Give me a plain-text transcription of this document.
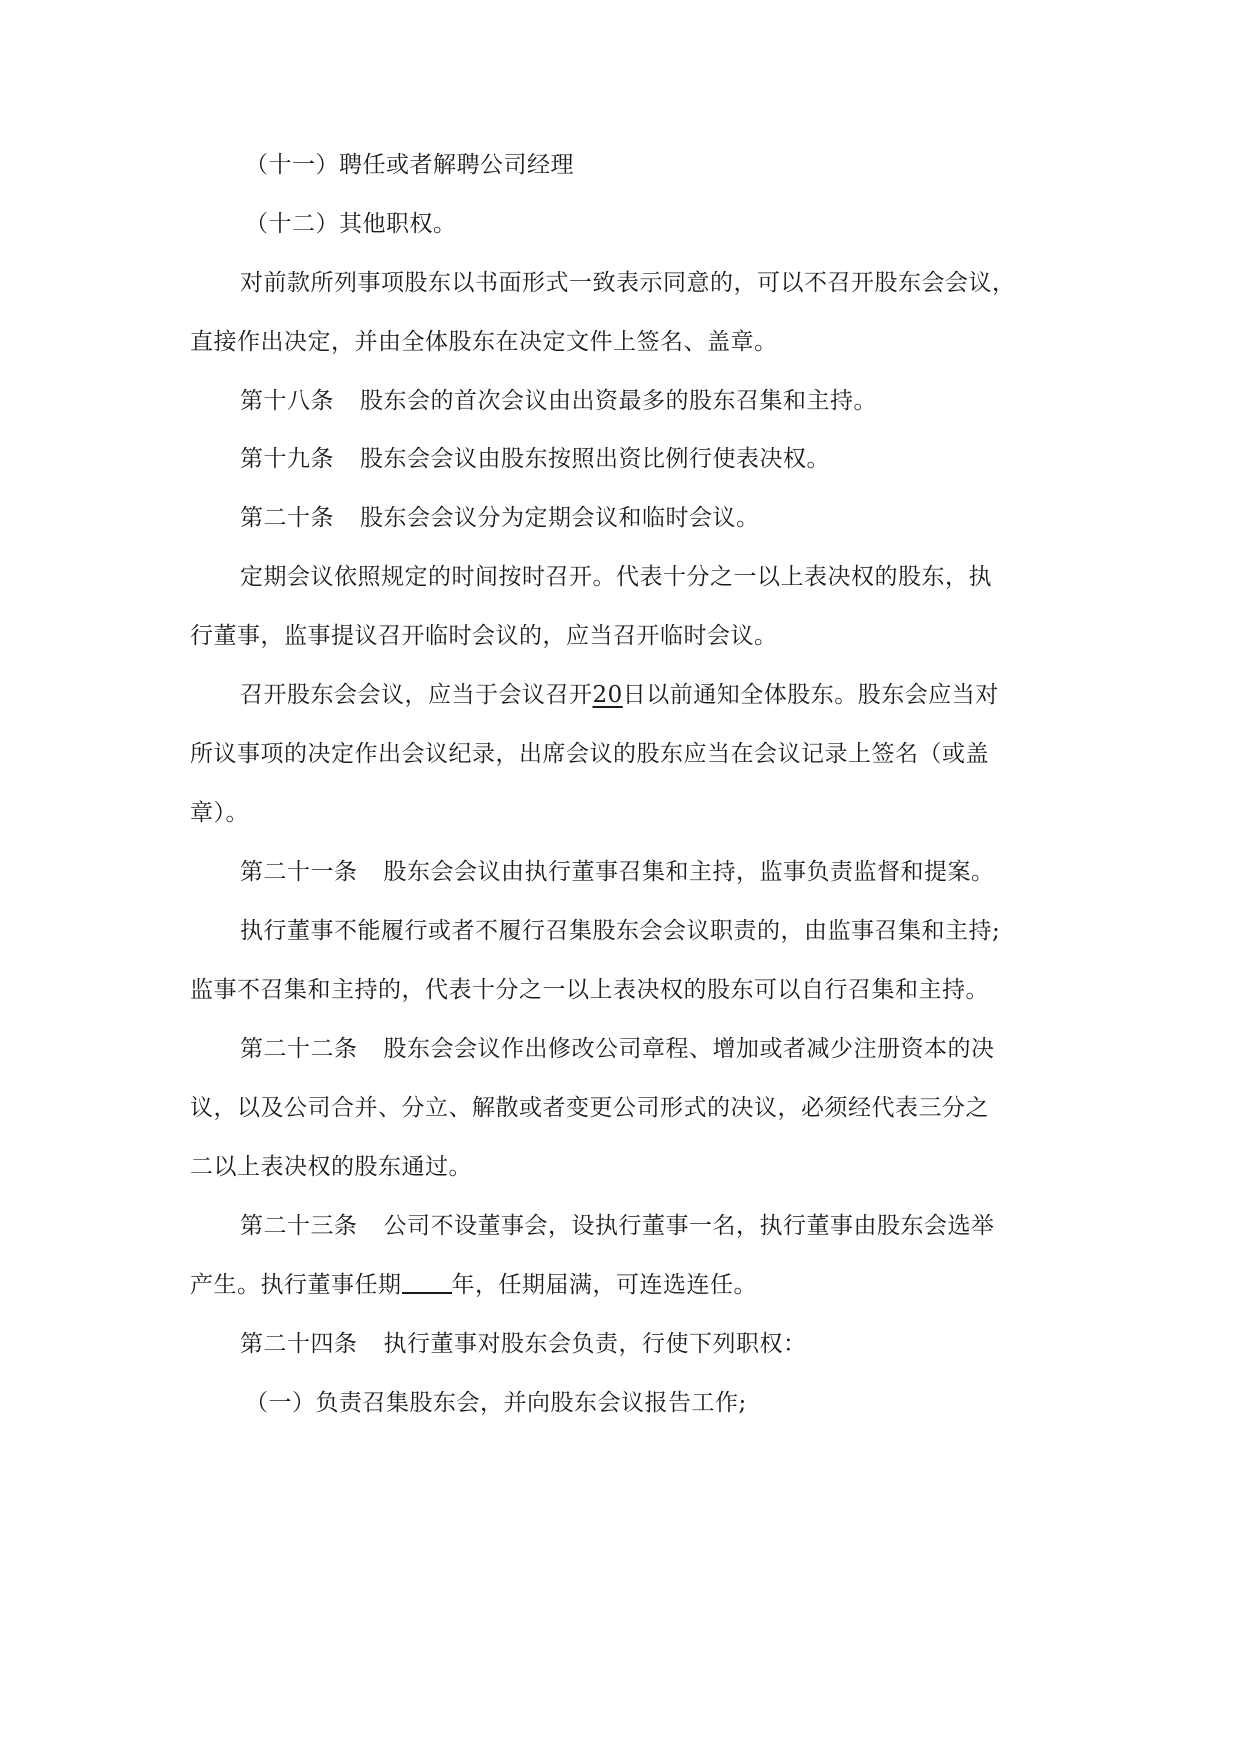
（十一）聘任或者解聘公司经理
（十二）其他职权。
对前款所列事项股东以书面形式一致表示同意的，可以不召开股东会会议，
直接作出决定，并由全体股东在决定文件上签名、盖章。
第十八条 股东会的首次会议由出资最多的股东召集和主持。
第十九条 股东会会议由股东按照出资比例行使表决权。
第二十条 股东会会议分为定期会议和临时会议。
定期会议依照规定的时间按时召开。代表十分之一以上表决权的股东，执
行董事，监事提议召开临时会议的，应当召开临时会议。
召开股东会会议，应当于会议召开20日以前通知全体股东。股东会应当对
所议事项的决定作出会议纪录，出席会议的股东应当在会议记录上签名（或盖
章）。
第二十一条 股东会会议由执行董事召集和主持，监事负责监督和提案。
执行董事不能履行或者不履行召集股东会会议职责的，由监事召集和主持;
监事不召集和主持的，代表十分之一以上表决权的股东可以自行召集和主持。
第二十二条 股东会会议作出修改公司章程、增加或者减少注册资本的决
议，以及公司合并、分立、解散或者变更公司形式的决议，必须经代表三分之
二以上表决权的股东通过。
第二十三条 公司不设董事会，设执行董事一名，执行董事由股东会选举
产生。执行董事任期 年，任期届满，可连选连任。
第二十四条 执行董事对股东会负责，行使下列职权：
（一）负责召集股东会，并向股东会议报告工作;
